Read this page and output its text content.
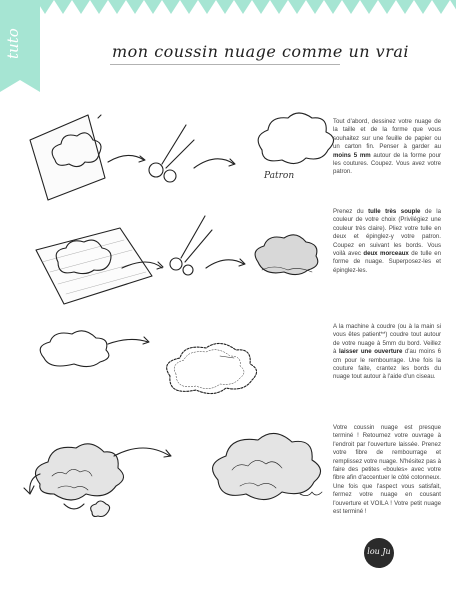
tuto	mon coussin nuage comme un vrai
Patron
Tout d'abord, dessinez votre nuage de la taille et de la forme que vous souhaitez sur une feuille de papier ou un carton fin. Penser à garder au moins 5 mm autour de la forme pour les coutures. Coupez. Vous avez votre patron.
Prenez du tulle très souple de la couleur de votre choix (Privilégiez une couleur très claire). Pliez votre tulle en deux et épinglez-y votre patron. Coupez en suivant les bords. Vous voilà avec deux morceaux de tulle en forme de nuage. Superposez-les et épinglez-les.
A la machine à coudre (ou à la main si vous êtes patient**) coudre tout autour de votre nuage à 5mm du bord. Veillez à laisser une ouverture d'au moins 6 cm pour le rembourrage. Une fois la couture faite, crantez les bords du nuage tout autour à l'aide d'un ciseau.
Votre coussin nuage est presque terminé ! Retournez votre ouvrage à l'endroit par l'ouverture laissée. Prenez votre fibre de rembourrage et remplissez votre nuage. N'hésitez pas à faire des petites «boules» avec votre fibre afin d'accentuer le côté cotonneux. Une fois que l'aspect vous satisfait, fermez votre nuage en cousant l'ouverture et VOILA ! Votre petit nuage est terminé !
lou Ju
